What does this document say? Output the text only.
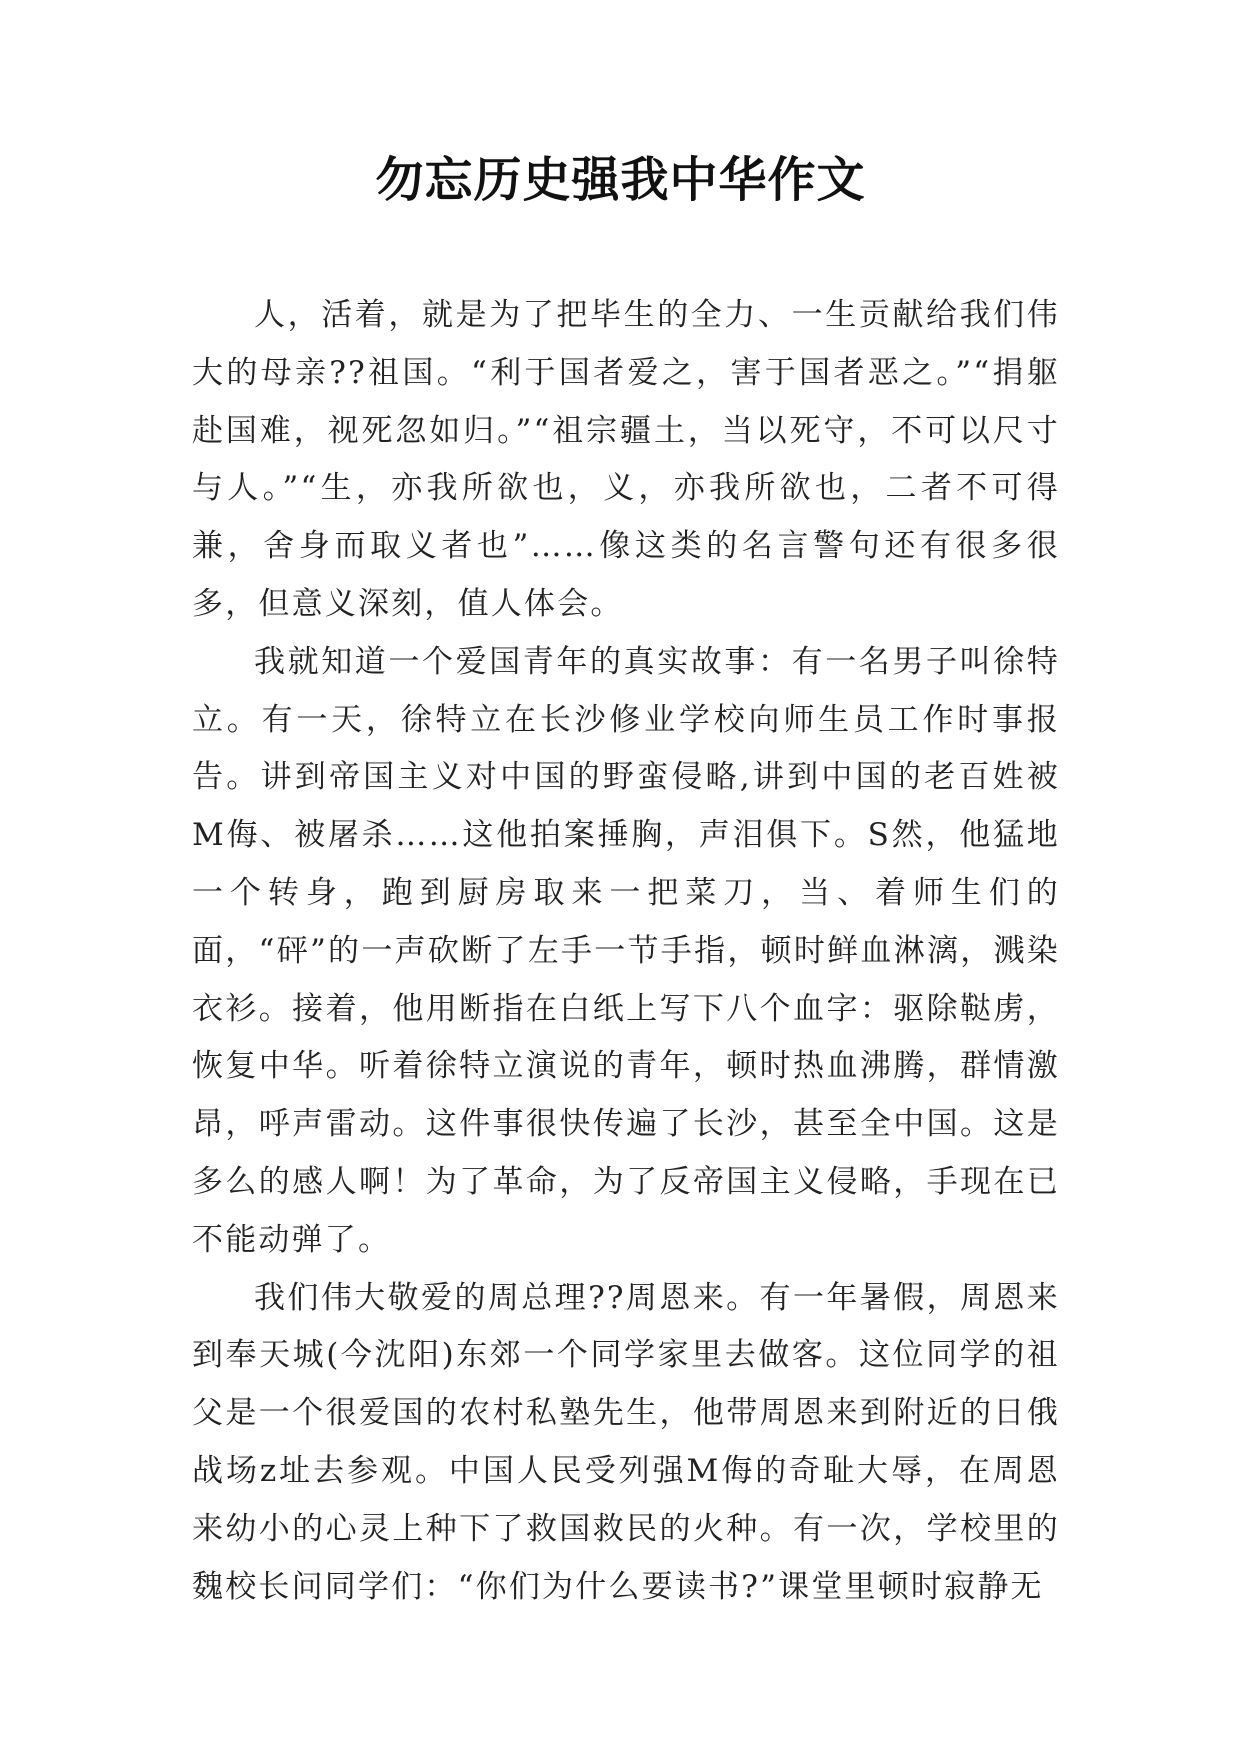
勿忘历史强我中华作文

人，活着，就是为了把毕生的全力、一生贡献给我们伟大的母亲??祖国。“利于国者爱之，害于国者恶之。”“捐躯赴国难，视死忽如归。”“祖宗疆土，当以死守，不可以尺寸与人。”“生，亦我所欲也，义，亦我所欲也，二者不可得兼，舍身而取义者也”……像这类的名言警句还有很多很多，但意义深刻，值人体会。

我就知道一个爱国青年的真实故事：有一名男子叫徐特立。有一天，徐特立在长沙修业学校向师生员工作时事报告。讲到帝国主义对中国的野蛮侵略,讲到中国的老百姓被M侮、被屠杀……这他拍案捶胸，声泪俱下。S然，他猛地一个转身，跑到厨房取来一把菜刀，当、着师生们的面，“砰”的一声砍断了左手一节手指，顿时鲜血淋漓，溅染衣衫。接着，他用断指在白纸上写下八个血字：驱除鞑虏，恢复中华。听着徐特立演说的青年，顿时热血沸腾，群情激昂，呼声雷动。这件事很快传遍了长沙，甚至全中国。这是多么的感人啊！为了革命，为了反帝国主义侵略，手现在已不能动弹了。

我们伟大敬爱的周总理??周恩来。有一年暑假，周恩来到奉天城(今沈阳)东郊一个同学家里去做客。这位同学的祖父是一个很爱国的农村私塾先生，他带周恩来到附近的日俄战场z址去参观。中国人民受列强M侮的奇耻大辱，在周恩来幼小的心灵上种下了救国救民的火种。有一次，学校里的魏校长问同学们：“你们为什么要读书?”课堂里顿时寂静无
